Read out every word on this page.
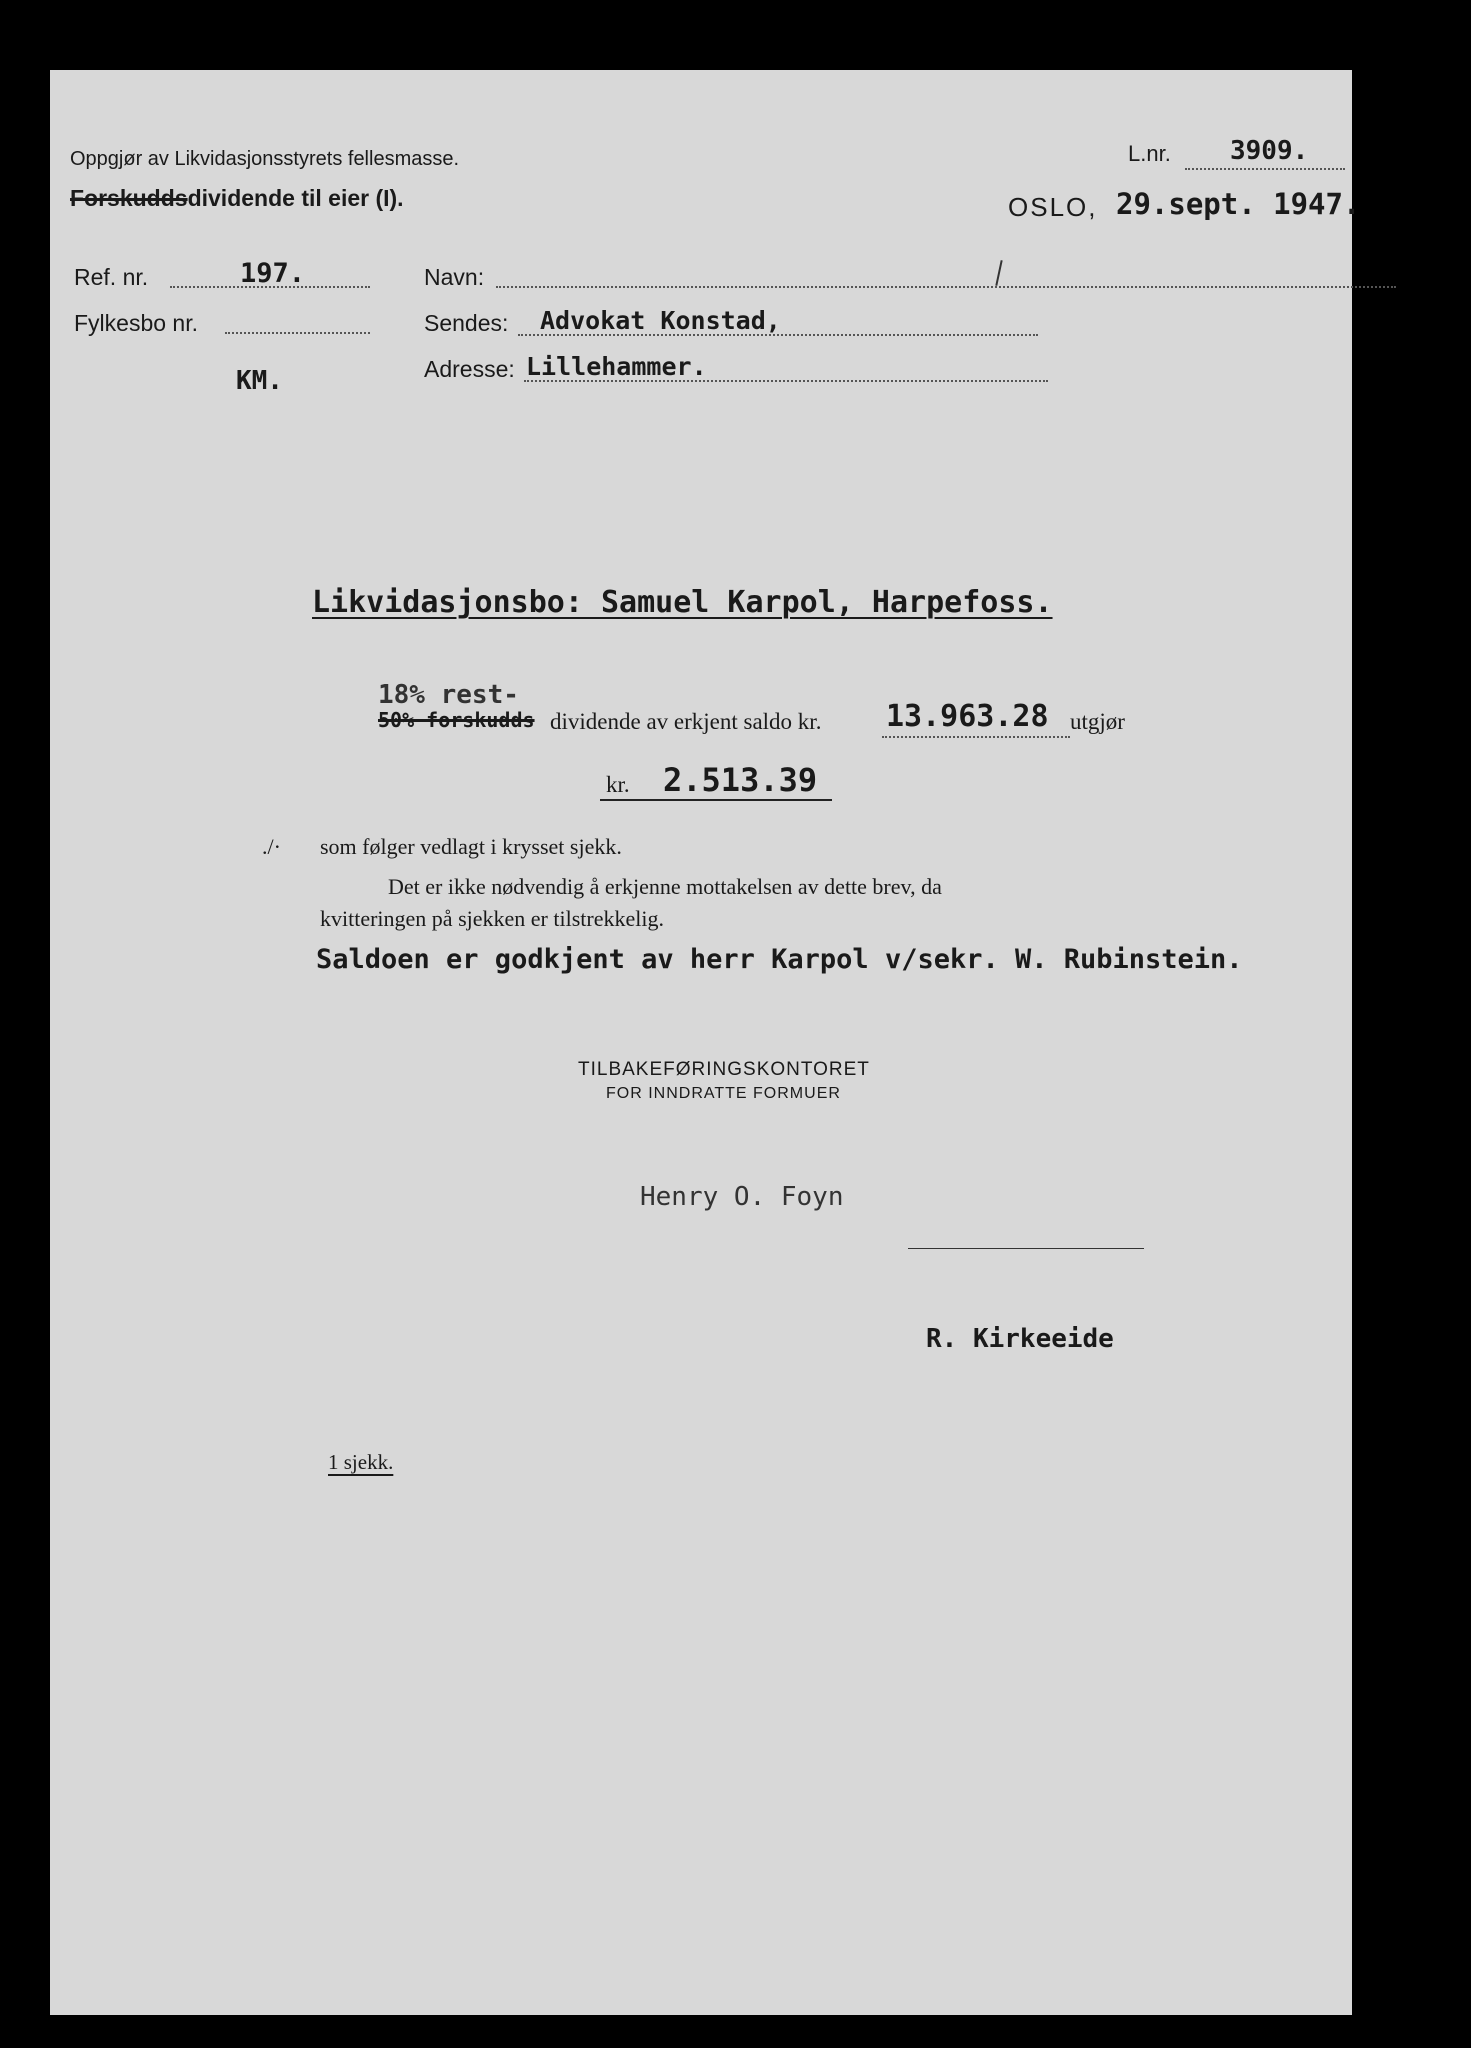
Oppgjør av Likvidasjonsstyrets fellesmasse.
Forskuddsdividende til eier (I).
L.nr. 3909.
OSLO, 29.sept. 1947.
Ref. nr.	197.
Fylkesbo nr.
KM.
Navn:
Sendes: Advokat Konstad,
Adresse: Lillehammer.
Likvidasjonsbo: Samuel Karpol, Harpefoss.
18% rest-
50% forskudds dividende av erkjent saldo kr. 13.963.28 utgjør
kr. 2.513.39
./· som følger vedlagt i krysset sjekk.
Det er ikke nødvendig å erkjenne mottakelsen av dette brev, da
kvitteringen på sjekken er tilstrekkelig.
Saldoen er godkjent av herr Karpol v/sekr. W. Rubinstein.
TILBAKEFØRINGSKONTORET
FOR INNDRATTE FORMUER
Henry O. Foyn
R. Kirkeeide
1 sjekk.
